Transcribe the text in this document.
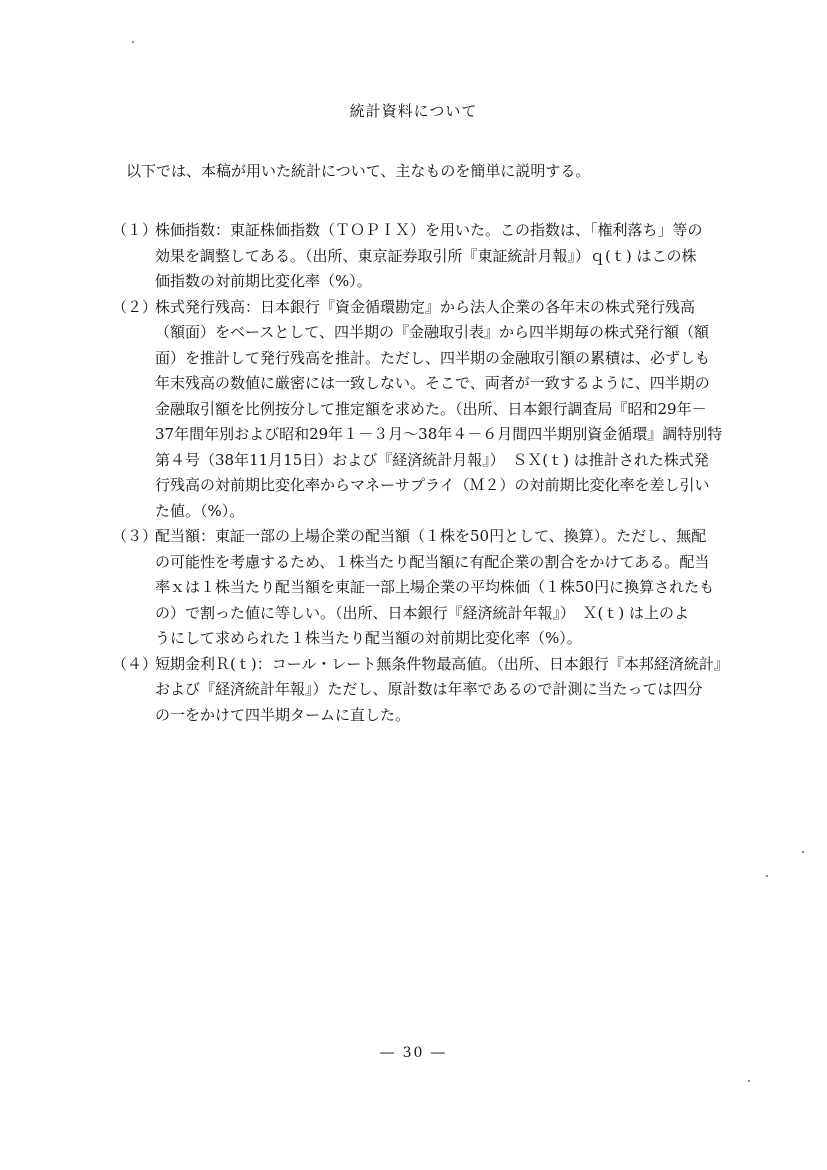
統計資料について
以下では、本稿が用いた統計について、主なものを簡単に説明する。
（１）
株価指数：東証株価指数（ＴＯＰＩＸ）を用いた。この指数は、「権利落ち」等の
効果を調整してある。（出所、東京証券取引所『東証統計月報』）ｑ(ｔ) はこの株
価指数の対前期比変化率（%）。
（２）
株式発行残高：日本銀行『資金循環勘定』から法人企業の各年末の株式発行残高
（額面）をベースとして、四半期の『金融取引表』から四半期毎の株式発行額（額
面）を推計して発行残高を推計。ただし、四半期の金融取引額の累積は、必ずしも
年末残高の数値に厳密には一致しない。そこで、両者が一致するように、四半期の
金融取引額を比例按分して推定額を求めた。（出所、日本銀行調査局『昭和29年－
37年間年別および昭和29年１－３月～38年４－６月間四半期別資金循環』調特別特
第４号（38年11月15日）および『経済統計月報』）　ＳＸ(ｔ) は推計された株式発
行残高の対前期比変化率からマネーサプライ（Ｍ２）の対前期比変化率を差し引い
た値。（%）。
（３）
配当額：東証一部の上場企業の配当額（１株を50円として、換算）。ただし、無配
の可能性を考慮するため、１株当たり配当額に有配企業の割合をかけてある。配当
率ｘは１株当たり配当額を東証一部上場企業の平均株価（１株50円に換算されたも
の）で割った値に等しい。（出所、日本銀行『経済統計年報』）　Ｘ(ｔ) は上のよ
うにして求められた１株当たり配当額の対前期比変化率（%）。
（４）
短期金利Ｒ(ｔ)：コール・レート無条件物最高値。（出所、日本銀行『本邦経済統計』
および『経済統計年報』）ただし、原計数は年率であるので計測に当たっては四分
の一をかけて四半期タームに直した。
― 30 ―
